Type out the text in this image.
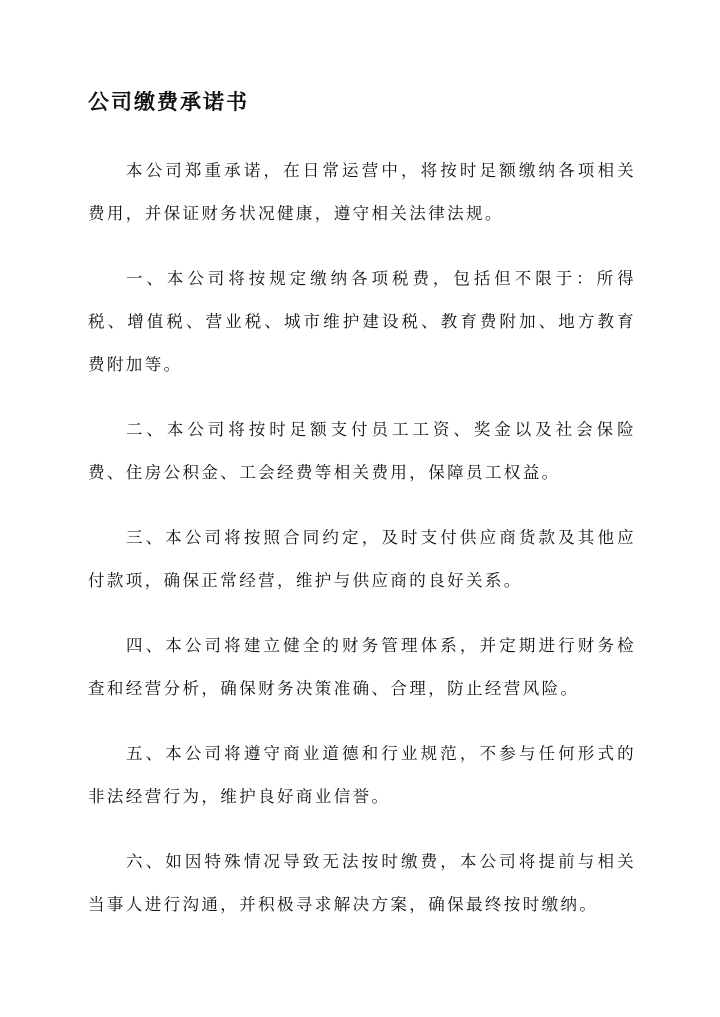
公司缴费承诺书

本公司郑重承诺，在日常运营中，将按时足额缴纳各项相关费用，并保证财务状况健康，遵守相关法律法规。

一、本公司将按规定缴纳各项税费，包括但不限于：所得税、增值税、营业税、城市维护建设税、教育费附加、地方教育费附加等。

二、本公司将按时足额支付员工工资、奖金以及社会保险费、住房公积金、工会经费等相关费用，保障员工权益。

三、本公司将按照合同约定，及时支付供应商货款及其他应付款项，确保正常经营，维护与供应商的良好关系。

四、本公司将建立健全的财务管理体系，并定期进行财务检查和经营分析，确保财务决策准确、合理，防止经营风险。

五、本公司将遵守商业道德和行业规范，不参与任何形式的非法经营行为，维护良好商业信誉。

六、如因特殊情况导致无法按时缴费，本公司将提前与相关当事人进行沟通，并积极寻求解决方案，确保最终按时缴纳。
